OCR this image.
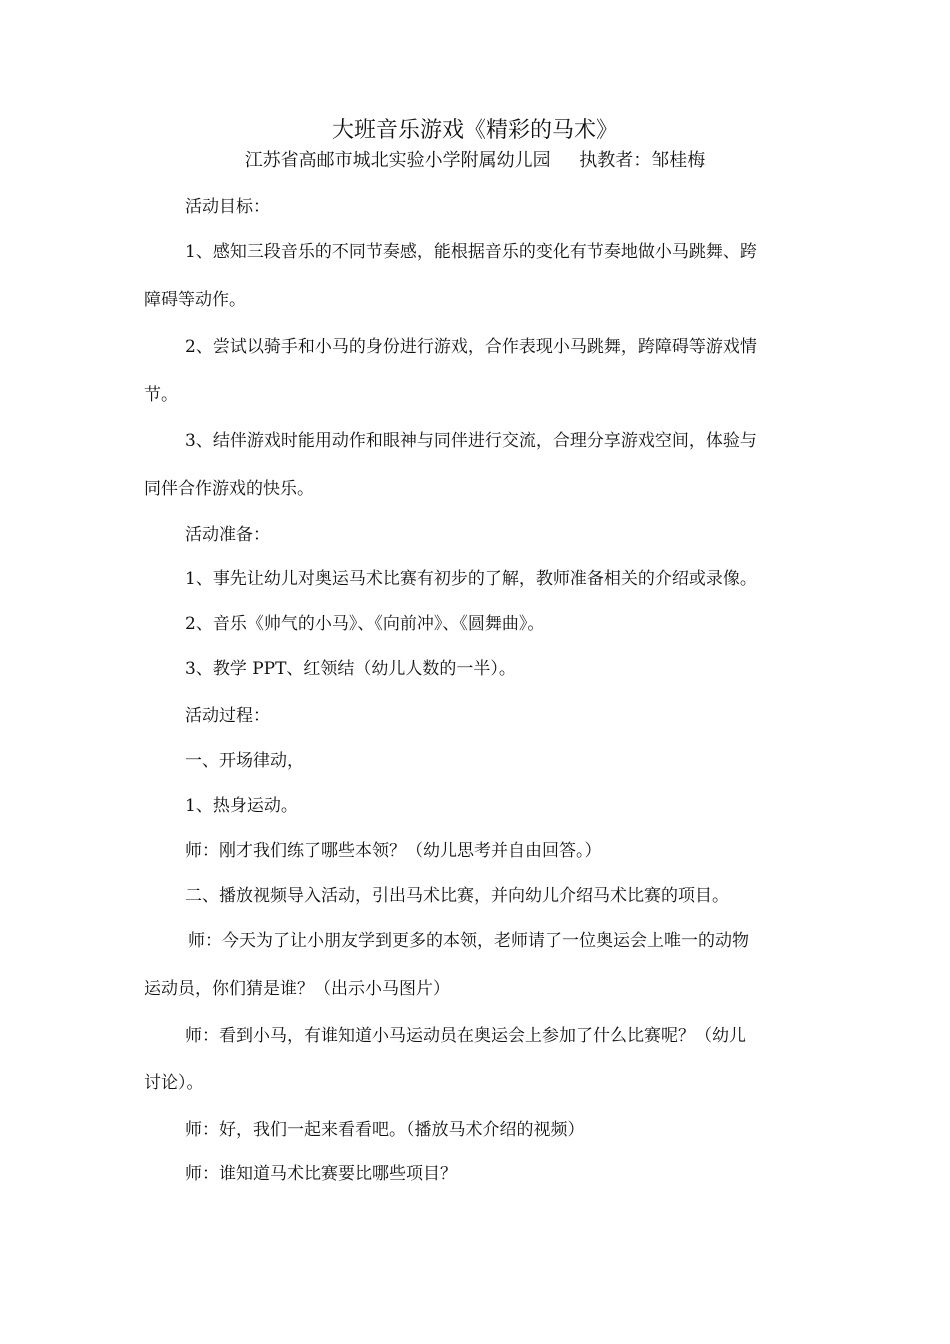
大班音乐游戏《精彩的马术》
江苏省高邮市城北实验小学附属幼儿园     执教者：邹桂梅
活动目标：
1、感知三段音乐的不同节奏感，能根据音乐的变化有节奏地做小马跳舞、跨
障碍等动作。
2、尝试以骑手和小马的身份进行游戏，合作表现小马跳舞，跨障碍等游戏情
节。
3、结伴游戏时能用动作和眼神与同伴进行交流，合理分享游戏空间，体验与
同伴合作游戏的快乐。
活动准备：
1、事先让幼儿对奥运马术比赛有初步的了解，教师准备相关的介绍或录像。
2、音乐《帅气的小马》、《向前冲》、《圆舞曲》。
3、教学 PPT、红领结（幼儿人数的一半）。
活动过程：
一、开场律动，
1、热身运动。
师：刚才我们练了哪些本领？（幼儿思考并自由回答。）
二、播放视频导入活动，引出马术比赛，并向幼儿介绍马术比赛的项目。
师：今天为了让小朋友学到更多的本领，老师请了一位奥运会上唯一的动物
运动员，你们猜是谁？（出示小马图片）
师：看到小马，有谁知道小马运动员在奥运会上参加了什么比赛呢？（幼儿
讨论）。
师：好，我们一起来看看吧。（播放马术介绍的视频）
师：谁知道马术比赛要比哪些项目？
